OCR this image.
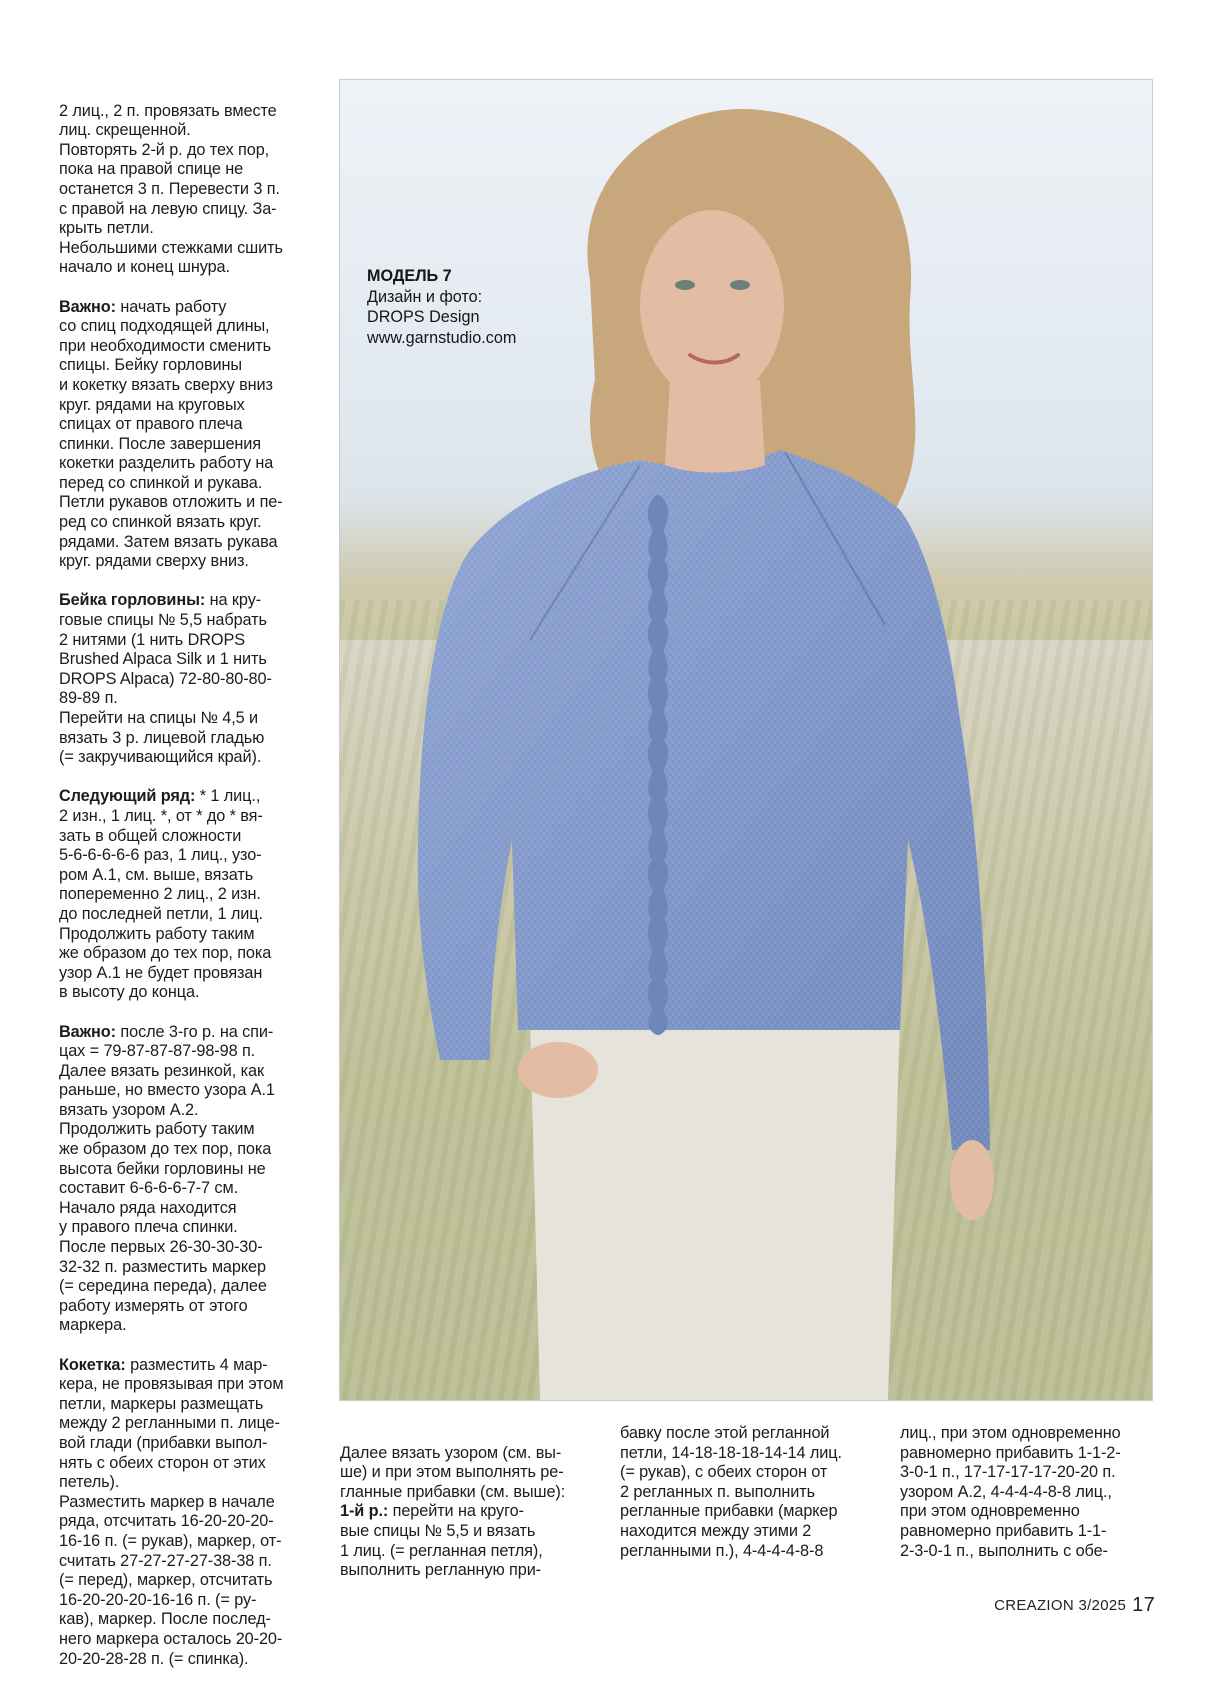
2 лиц., 2 п. провязать вместе
лиц. скрещенной.
Повторять 2-й р. до тех пор,
пока на правой спице не
останется 3 п. Перевести 3 п.
с правой на левую спицу. За-
крыть петли.
Небольшими стежками сшить
начало и конец шнура.

Важно: начать работу
со спиц подходящей длины,
при необходимости сменить
спицы. Бейку горловины
и кокетку вязать сверху вниз
круг. рядами на круговых
спицах от правого плеча
спинки. После завершения
кокетки разделить работу на
перед со спинкой и рукава.
Петли рукавов отложить и пе-
ред со спинкой вязать круг.
рядами. Затем вязать рукава
круг. рядами сверху вниз.

Бейка горловины: на кру-
говые спицы № 5,5 набрать
2 нитями (1 нить DROPS
Brushed Alpaca Silk и 1 нить
DROPS Alpaca) 72-80-80-80-
89-89 п.
Перейти на спицы № 4,5 и
вязать 3 р. лицевой гладью
(= закручивающийся край).

Следующий ряд: * 1 лиц.,
2 изн., 1 лиц. *, от * до * вя-
зать в общей сложности
5-6-6-6-6-6 раз, 1 лиц., узо-
ром А.1, см. выше, вязать
попеременно 2 лиц., 2 изн.
до последней петли, 1 лиц.
Продолжить работу таким
же образом до тех пор, пока
узор А.1 не будет провязан
в высоту до конца.

Важно: после 3-го р. на спи-
цах = 79-87-87-87-98-98 п.
Далее вязать резинкой, как
раньше, но вместо узора А.1
вязать узором А.2.
Продолжить работу таким
же образом до тех пор, пока
высота бейки горловины не
составит 6-6-6-6-7-7 см.
Начало ряда находится
у правого плеча спинки.
После первых 26-30-30-30-
32-32 п. разместить маркер
(= середина переда), далее
работу измерять от этого
маркера.

Кокетка: разместить 4 мар-
кера, не провязывая при этом
петли, маркеры размещать
между 2 регланными п. лице-
вой глади (прибавки выпол-
нять с обеих сторон от этих
петель).
Разместить маркер в начале
ряда, отсчитать 16-20-20-20-
16-16 п. (= рукав), маркер, от-
считать 27-27-27-27-38-38 п.
(= перед), маркер, отсчитать
16-20-20-20-16-16 п. (= ру-
кав), маркер. После послед-
него маркера осталось 20-20-
20-20-28-28 п. (= спинка).

МОДЕЛЬ 7
Дизайн и фото:
DROPS Design
www.garnstudio.com

Далее вязать узором (см. вы-
ше) и при этом выполнять ре-
гланные прибавки (см. выше):
1-й р.: перейти на круго-
вые спицы № 5,5 и вязать
1 лиц. (= регланная петля),
выполнить регланную при-

бавку после этой регланной
петли, 14-18-18-18-14-14 лиц.
(= рукав), с обеих сторон от
2 регланных п. выполнить
регланные прибавки (маркер
находится между этими 2
регланными п.), 4-4-4-4-8-8
лиц., при этом одновременно
равномерно прибавить 1-1-2-
3-0-1 п., 17-17-17-17-20-20 п.
узором А.2, 4-4-4-4-8-8 лиц.,
при этом одновременно
равномерно прибавить 1-1-
2-3-0-1 п., выполнить с обе-
CREAZION 3/2025 17
